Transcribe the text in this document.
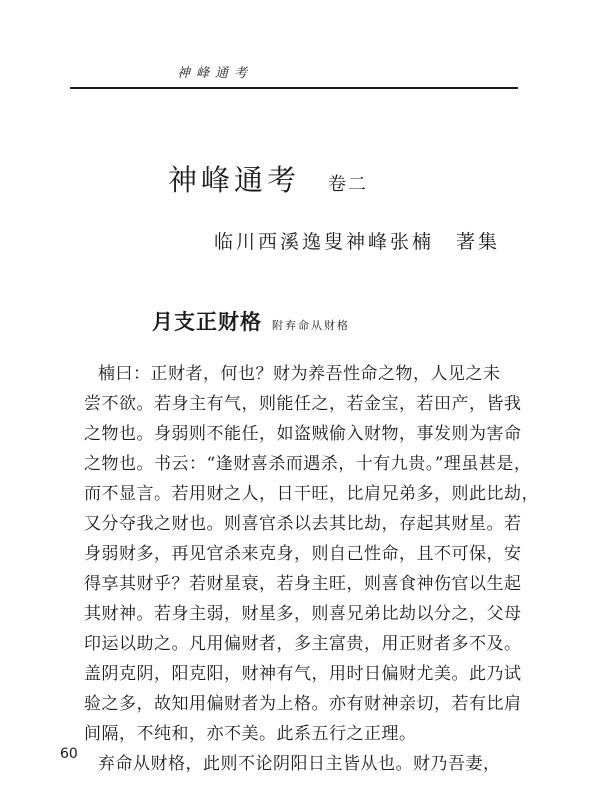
神峰通考
神峰通考 卷二
临川西溪逸叟神峰张楠 著集
月支正财格 附弃命从财格
楠曰：正财者，何也？财为养吾性命之物，人见之未
尝不欲。若身主有气，则能任之，若金宝，若田产，皆我
之物也。身弱则不能任，如盗贼偷入财物，事发则为害命
之物也。书云：“逢财喜杀而遇杀，十有九贵。”理虽甚是，
而不显言。若用财之人，日干旺，比肩兄弟多，则此比劫，
又分夺我之财也。则喜官杀以去其比劫，存起其财星。若
身弱财多，再见官杀来克身，则自己性命，且不可保，安
得享其财乎？若财星衰，若身主旺，则喜食神伤官以生起
其财神。若身主弱，财星多，则喜兄弟比劫以分之，父母
印运以助之。凡用偏财者，多主富贵，用正财者多不及。
盖阴克阴，阳克阳，财神有气，用时日偏财尤美。此乃试
验之多，故知用偏财者为上格。亦有财神亲切，若有比肩
间隔，不纯和，亦不美。此系五行之正理。
弃命从财格，此则不论阴阳日主皆从也。财乃吾妻，
60
